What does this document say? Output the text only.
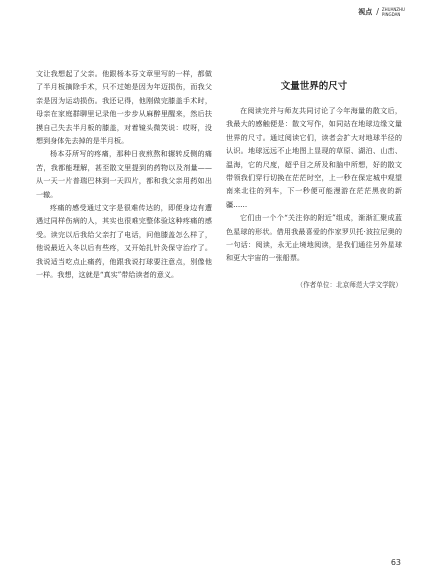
视点 / ZHUANZHU
PINGDAN

文让我想起了父亲。他跟杨本芬文章里写的一样，都做了半月板摘除手术，只不过她是因为年迈损伤，而我父亲是因为运动损伤。我还记得，他刚做完膝盖手术时，母亲在家庭群聊里记录他一步步从麻醉里醒来，然后扶摸自己失去半月板的膝盖，对着镜头微笑说：哎呀，没想到身体先去掉的是半月板。

杨本芬所写的疼痛，那种日夜煎熬和辗转反侧的痛苦，我都能理解，甚至散文里提到的药物以及剂量——从一天一片普瑞巴林到一天四片，都和我父亲用药如出一辙。

疼痛的感受通过文字是很难传达的，即便身边有遭遇过同样伤病的人，其实也很难完整体验这种疼痛的感受。读完以后我给父亲打了电话，问他膝盖怎么样了，他说最近入冬以后有些疼，又开始扎针灸保守治疗了。我说适当吃点止痛药，他跟我说打球要注意点，别像他一样。我想，这就是“真实”带给读者的意义。

文量世界的尺寸

在阅读完并与师友共同讨论了今年海量的散文后，我最大的感触便是：散文写作，如同站在地球边缘文量世界的尺寸。通过阅读它们，读者会扩大对地球半径的认识。地球远远不止地图上显现的草原、湖泊、山峦、温海，它的尺度，超乎目之所及和脑中所想，好的散文带领我们穿行切换在茫茫时空，上一秒在保定城中观望南来北往的列车，下一秒便可能漫游在茫茫黑夜的新疆……

它们由一个个“关注你的附近”组成，渐渐汇聚成蓝色星球的形状。借用我最喜爱的作家罗贝托·波拉尼奥的一句话：阅读，永无止境地阅读，是我们通往另外星球和更大宇宙的一张船票。

（作者单位：北京师范大学文学院）
63
